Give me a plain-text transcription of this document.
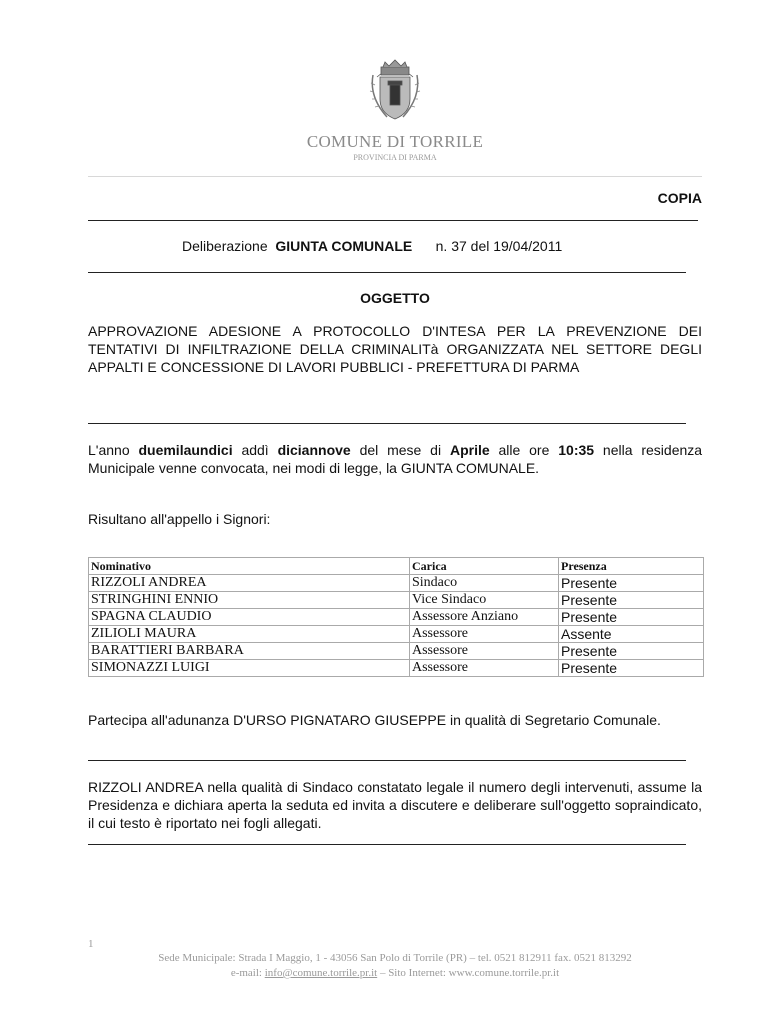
COMUNE DI TORRILE
PROVINCIA DI PARMA
COPIA
Deliberazione GIUNTA COMUNALE n. 37 del 19/04/2011
OGGETTO
APPROVAZIONE ADESIONE A PROTOCOLLO D'INTESA PER LA PREVENZIONE DEI TENTATIVI DI INFILTRAZIONE DELLA CRIMINALITà ORGANIZZATA NEL SETTORE DEGLI APPALTI E CONCESSIONE DI LAVORI PUBBLICI - PREFETTURA DI PARMA
L'anno duemilaundici addì diciannove del mese di Aprile alle ore 10:35 nella residenza Municipale venne convocata, nei modi di legge, la GIUNTA COMUNALE.
Risultano all'appello i Signori:
Nominativo	Carica	Presenza
RIZZOLI ANDREA	Sindaco	Presente
STRINGHINI ENNIO	Vice Sindaco	Presente
SPAGNA CLAUDIO	Assessore Anziano	Presente
ZILIOLI MAURA	Assessore	Assente
BARATTIERI BARBARA	Assessore	Presente
SIMONAZZI LUIGI	Assessore	Presente
Partecipa all'adunanza D'URSO PIGNATARO GIUSEPPE in qualità di Segretario Comunale.
RIZZOLI ANDREA nella qualità di Sindaco constatato legale il numero degli intervenuti, assume la Presidenza e dichiara aperta la seduta ed invita a discutere e deliberare sull'oggetto sopraindicato, il cui testo è riportato nei fogli allegati.
1
Sede Municipale: Strada I Maggio, 1 - 43056 San Polo di Torrile (PR) – tel. 0521 812911 fax. 0521 813292
e-mail: info@comune.torrile.pr.it – Sito Internet: www.comune.torrile.pr.it
